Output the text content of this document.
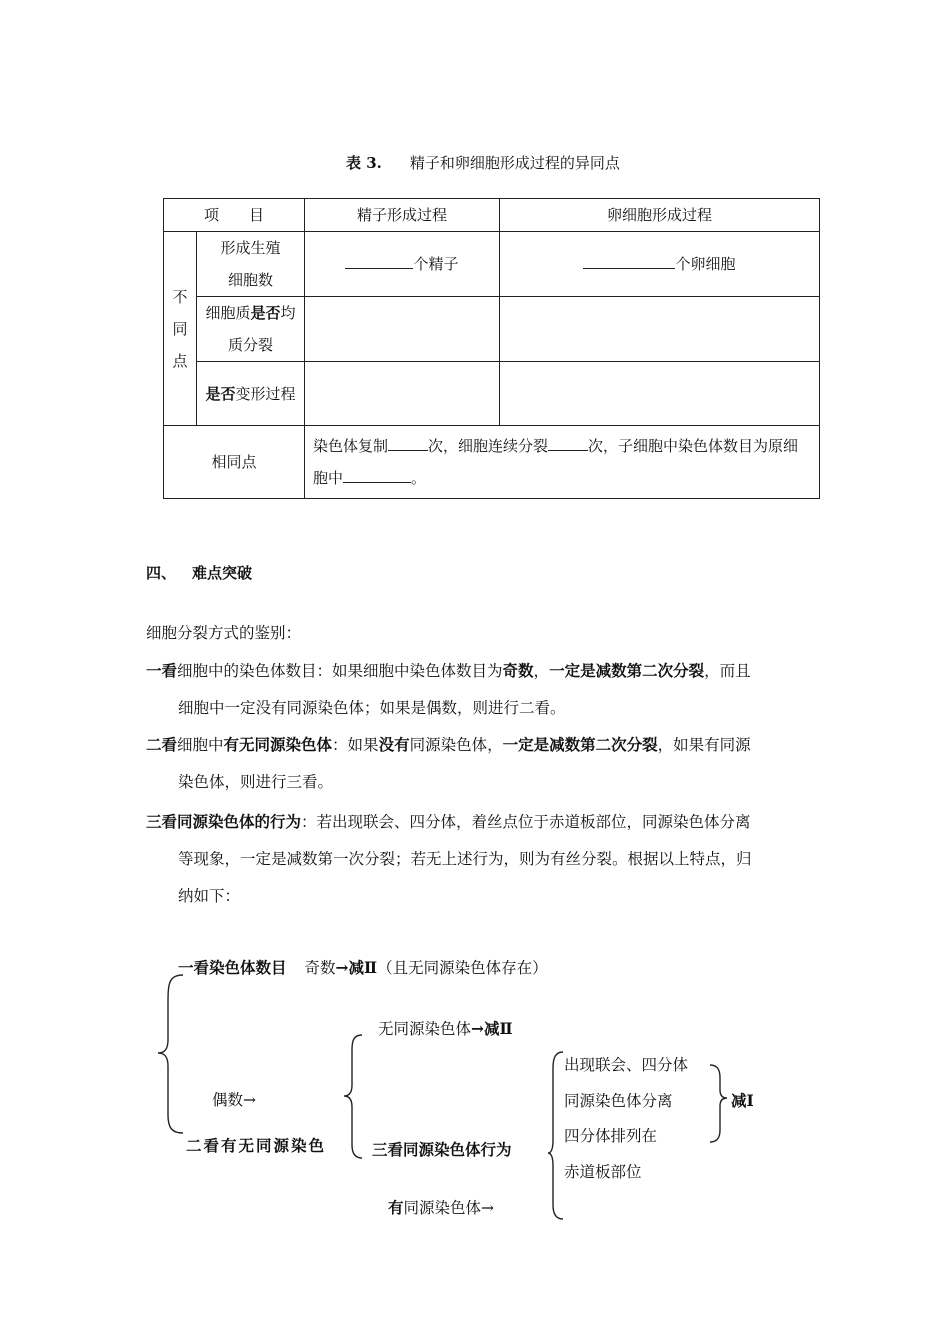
表 3. 精子和卵细胞形成过程的异同点
项　　目		精子形成过程	卵细胞形成过程
不同点	形成生殖细胞数	个精子	个卵细胞

	细胞质是否均质分裂		

	是否变形过程		

相同点		染色体复制 次，细胞连续分裂 次，子细胞中染色体数目为原细胞中 。	
四、 难点突破
细胞分裂方式的鉴别：
一看细胞中的染色体数目：如果细胞中染色体数目为奇数，一定是减数第二次分裂，而且
细胞中一定没有同源染色体；如果是偶数，则进行二看。
二看细胞中有无同源染色体：如果没有同源染色体，一定是减数第二次分裂，如果有同源
染色体，则进行三看。
三看同源染色体的行为：若出现联会、四分体，着丝点位于赤道板部位，同源染色体分离
等现象，一定是减数第一次分裂；若无上述行为，则为有丝分裂。根据以上特点，归
纳如下：
一看染色体数目 奇数→减Ⅱ（且无同源染色体存在）
无同源染色体→减Ⅱ
偶数→
二看有无同源染色	三看同源染色体行为
有同源染色体→
出现联会、四分体
同源染色体分离
四分体排列在
赤道板部位
减Ⅰ
